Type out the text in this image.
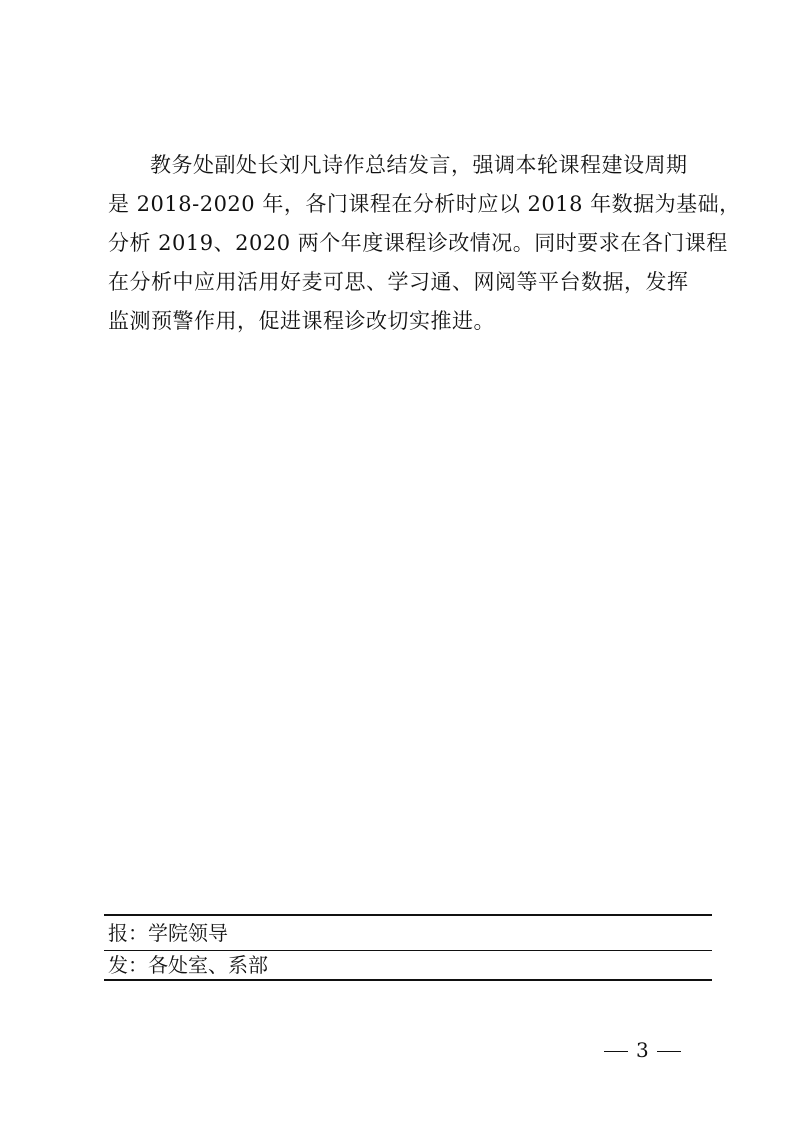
教务处副处长刘凡诗作总结发言，强调本轮课程建设周期
是 2018-2020 年，各门课程在分析时应以 2018 年数据为基础，
分析 2019、2020 两个年度课程诊改情况。同时要求在各门课程
在分析中应用活用好麦可思、学习通、网阅等平台数据，发挥
监测预警作用，促进课程诊改切实推进。
报：学院领导
发：各处室、系部
3
